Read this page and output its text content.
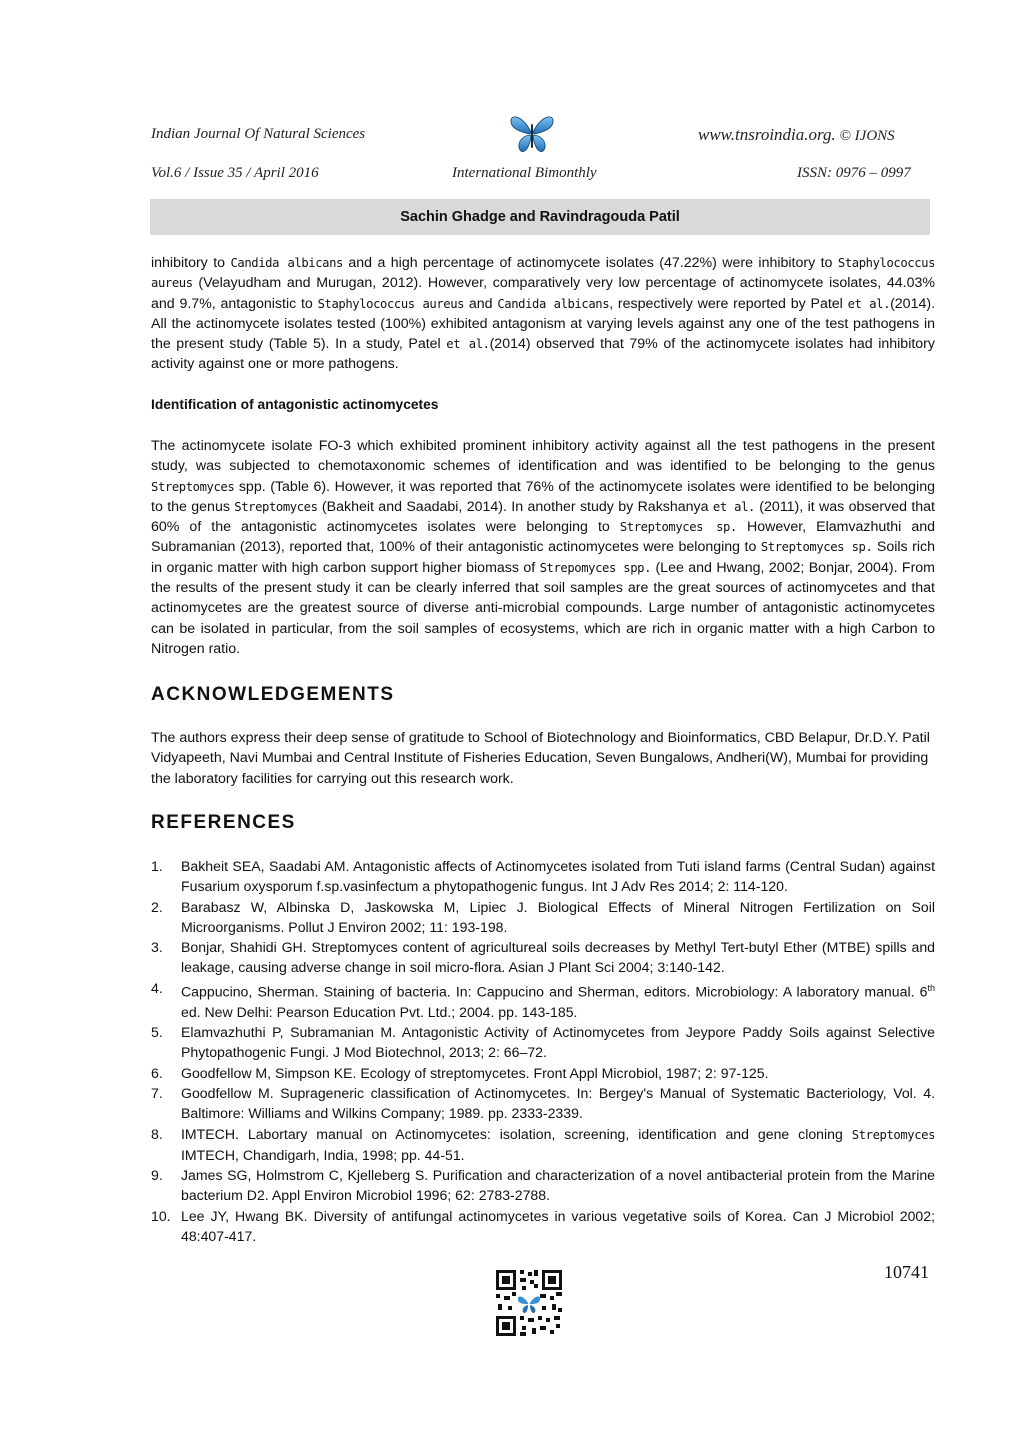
Indian Journal Of Natural Sciences	www.tnsroindia.org. © IJONS
Vol.6 / Issue 35 / April 2016	International Bimonthly	ISSN: 0976 – 0997
Sachin Ghadge and Ravindragouda Patil
inhibitory to Candida albicans and a high percentage of actinomycete isolates (47.22%) were inhibitory to Staphylococcus aureus (Velayudham and Murugan, 2012). However, comparatively very low percentage of actinomycete isolates, 44.03% and 9.7%, antagonistic to Staphylococcus aureus and Candida albicans, respectively were reported by Patel et al.(2014). All the actinomycete isolates tested (100%) exhibited antagonism at varying levels against any one of the test pathogens in the present study (Table 5). In a study, Patel et al.(2014) observed that 79% of the actinomycete isolates had inhibitory activity against one or more pathogens.
Identification of antagonistic actinomycetes
The actinomycete isolate FO-3 which exhibited prominent inhibitory activity against all the test pathogens in the present study, was subjected to chemotaxonomic schemes of identification and was identified to be belonging to the genus Streptomyces spp. (Table 6). However, it was reported that 76% of the actinomycete isolates were identified to be belonging to the genus Streptomyces (Bakheit and Saadabi, 2014). In another study by Rakshanya et al. (2011), it was observed that 60% of the antagonistic actinomycetes isolates were belonging to Streptomyces sp. However, Elamvazhuthi and Subramanian (2013), reported that, 100% of their antagonistic actinomycetes were belonging to Streptomyces sp. Soils rich in organic matter with high carbon support higher biomass of Strepomyces spp. (Lee and Hwang, 2002; Bonjar, 2004). From the results of the present study it can be clearly inferred that soil samples are the great sources of actinomycetes and that actinomycetes are the greatest source of diverse anti-microbial compounds. Large number of antagonistic actinomycetes can be isolated in particular, from the soil samples of ecosystems, which are rich in organic matter with a high Carbon to Nitrogen ratio.
ACKNOWLEDGEMENTS
The authors express their deep sense of gratitude to School of Biotechnology and Bioinformatics, CBD Belapur, Dr.D.Y. Patil Vidyapeeth, Navi Mumbai and Central Institute of Fisheries Education, Seven Bungalows, Andheri(W), Mumbai for providing the laboratory facilities for carrying out this research work.
REFERENCES
1. Bakheit SEA, Saadabi AM. Antagonistic affects of Actinomycetes isolated from Tuti island farms (Central Sudan) against Fusarium oxysporum f.sp.vasinfectum a phytopathogenic fungus. Int J Adv Res 2014; 2: 114-120.
2. Barabasz W, Albinska D, Jaskowska M, Lipiec J. Biological Effects of Mineral Nitrogen Fertilization on Soil Microorganisms. Pollut J Environ 2002; 11: 193-198.
3. Bonjar, Shahidi GH. Streptomyces content of agricultureal soils decreases by Methyl Tert-butyl Ether (MTBE) spills and leakage, causing adverse change in soil micro-flora. Asian J Plant Sci 2004; 3:140-142.
4. Cappucino, Sherman. Staining of bacteria. In: Cappucino and Sherman, editors. Microbiology: A laboratory manual. 6th ed. New Delhi: Pearson Education Pvt. Ltd.; 2004. pp. 143-185.
5. Elamvazhuthi P, Subramanian M. Antagonistic Activity of Actinomycetes from Jeypore Paddy Soils against Selective Phytopathogenic Fungi. J Mod Biotechnol, 2013; 2: 66–72.
6. Goodfellow M, Simpson KE. Ecology of streptomycetes. Front Appl Microbiol, 1987; 2: 97-125.
7. Goodfellow M. Suprageneric classification of Actinomycetes. In: Bergey's Manual of Systematic Bacteriology, Vol. 4. Baltimore: Williams and Wilkins Company; 1989. pp. 2333-2339.
8. IMTECH. Labortary manual on Actinomycetes: isolation, screening, identification and gene cloning Streptomyces IMTECH, Chandigarh, India, 1998; pp. 44-51.
9. James SG, Holmstrom C, Kjelleberg S. Purification and characterization of a novel antibacterial protein from the Marine bacterium D2. Appl Environ Microbiol 1996; 62: 2783-2788.
10. Lee JY, Hwang BK. Diversity of antifungal actinomycetes in various vegetative soils of Korea. Can J Microbiol 2002; 48:407-417.
10741
